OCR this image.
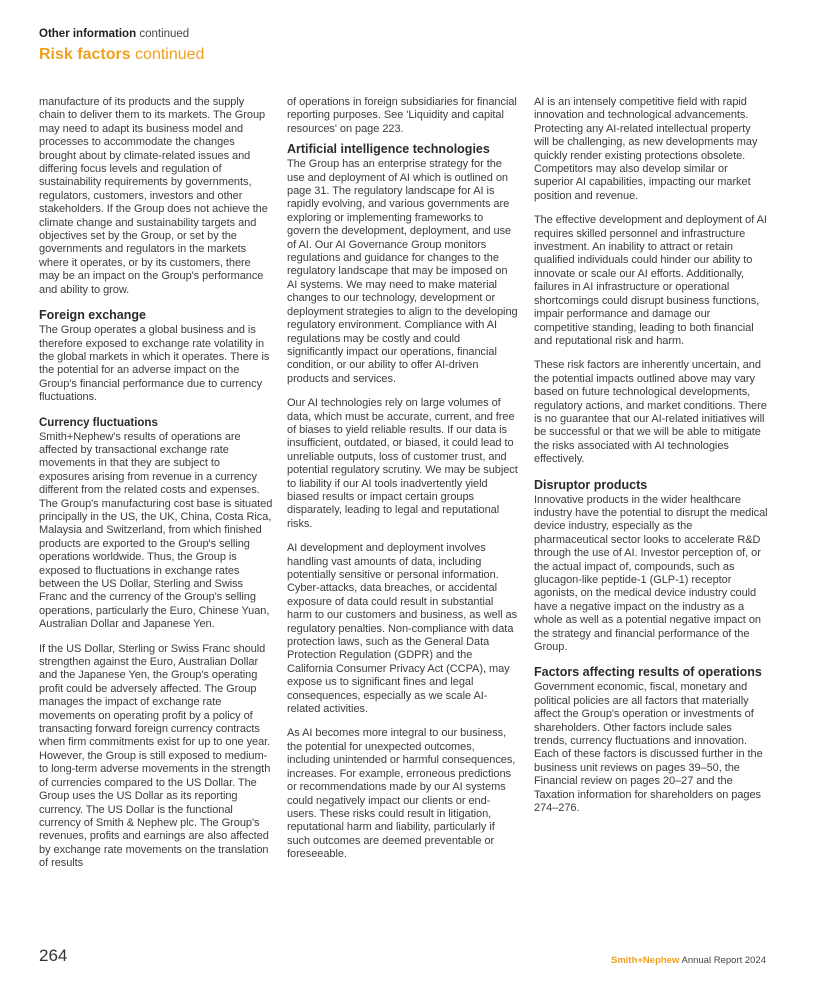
Other information continued
Risk factors continued

manufacture of its products and the supply chain to deliver them to its markets. The Group may need to adapt its business model and processes to accommodate the changes brought about by climate-related issues and differing focus levels and regulation of sustainability requirements by governments, regulators, customers, investors and other stakeholders. If the Group does not achieve the climate change and sustainability targets and objectives set by the Group, or set by the governments and regulators in the markets where it operates, or by its customers, there may be an impact on the Group's performance and ability to grow.

Foreign exchange

The Group operates a global business and is therefore exposed to exchange rate volatility in the global markets in which it operates. There is the potential for an adverse impact on the Group's financial performance due to currency fluctuations.

Currency fluctuations

Smith+Nephew's results of operations are affected by transactional exchange rate movements in that they are subject to exposures arising from revenue in a currency different from the related costs and expenses. The Group's manufacturing cost base is situated principally in the US, the UK, China, Costa Rica, Malaysia and Switzerland, from which finished products are exported to the Group's selling operations worldwide. Thus, the Group is exposed to fluctuations in exchange rates between the US Dollar, Sterling and Swiss Franc and the currency of the Group's selling operations, particularly the Euro, Chinese Yuan, Australian Dollar and Japanese Yen.

If the US Dollar, Sterling or Swiss Franc should strengthen against the Euro, Australian Dollar and the Japanese Yen, the Group's operating profit could be adversely affected. The Group manages the impact of exchange rate movements on operating profit by a policy of transacting forward foreign currency contracts when firm commitments exist for up to one year. However, the Group is still exposed to medium-to long-term adverse movements in the strength of currencies compared to the US Dollar. The Group uses the US Dollar as its reporting currency. The US Dollar is the functional currency of Smith & Nephew plc. The Group's revenues, profits and earnings are also affected by exchange rate movements on the translation of results

of operations in foreign subsidiaries for financial reporting purposes. See 'Liquidity and capital resources' on page 223.

Artificial intelligence technologies

The Group has an enterprise strategy for the use and deployment of AI which is outlined on page 31. The regulatory landscape for AI is rapidly evolving, and various governments are exploring or implementing frameworks to govern the development, deployment, and use of AI. Our AI Governance Group monitors regulations and guidance for changes to the regulatory landscape that may be imposed on AI systems. We may need to make material changes to our technology, development or deployment strategies to align to the developing regulatory environment. Compliance with AI regulations may be costly and could significantly impact our operations, financial condition, or our ability to offer AI-driven products and services.

Our AI technologies rely on large volumes of data, which must be accurate, current, and free of biases to yield reliable results. If our data is insufficient, outdated, or biased, it could lead to unreliable outputs, loss of customer trust, and potential regulatory scrutiny. We may be subject to liability if our AI tools inadvertently yield biased results or impact certain groups disparately, leading to legal and reputational risks.

AI development and deployment involves handling vast amounts of data, including potentially sensitive or personal information. Cyber-attacks, data breaches, or accidental exposure of data could result in substantial harm to our customers and business, as well as regulatory penalties. Non-compliance with data protection laws, such as the General Data Protection Regulation (GDPR) and the California Consumer Privacy Act (CCPA), may expose us to significant fines and legal consequences, especially as we scale AI-related activities.

As AI becomes more integral to our business, the potential for unexpected outcomes, including unintended or harmful consequences, increases. For example, erroneous predictions or recommendations made by our AI systems could negatively impact our clients or end-users. These risks could result in litigation, reputational harm and liability, particularly if such outcomes are deemed preventable or foreseeable.

AI is an intensely competitive field with rapid innovation and technological advancements. Protecting any AI-related intellectual property will be challenging, as new developments may quickly render existing protections obsolete. Competitors may also develop similar or superior AI capabilities, impacting our market position and revenue.

The effective development and deployment of AI requires skilled personnel and infrastructure investment. An inability to attract or retain qualified individuals could hinder our ability to innovate or scale our AI efforts. Additionally, failures in AI infrastructure or operational shortcomings could disrupt business functions, impair performance and damage our competitive standing, leading to both financial and reputational risk and harm.

These risk factors are inherently uncertain, and the potential impacts outlined above may vary based on future technological developments, regulatory actions, and market conditions. There is no guarantee that our AI-related initiatives will be successful or that we will be able to mitigate the risks associated with AI technologies effectively.

Disruptor products

Innovative products in the wider healthcare industry have the potential to disrupt the medical device industry, especially as the pharmaceutical sector looks to accelerate R&D through the use of AI. Investor perception of, or the actual impact of, compounds, such as glucagon-like peptide-1 (GLP-1) receptor agonists, on the medical device industry could have a negative impact on the industry as a whole as well as a potential negative impact on the strategy and financial performance of the Group.

Factors affecting results of operations

Government economic, fiscal, monetary and political policies are all factors that materially affect the Group's operation or investments of shareholders. Other factors include sales trends, currency fluctuations and innovation. Each of these factors is discussed further in the business unit reviews on pages 39–50, the Financial review on pages 20–27 and the Taxation information for shareholders on pages 274–276.

264	Smith+Nephew Annual Report 2024
